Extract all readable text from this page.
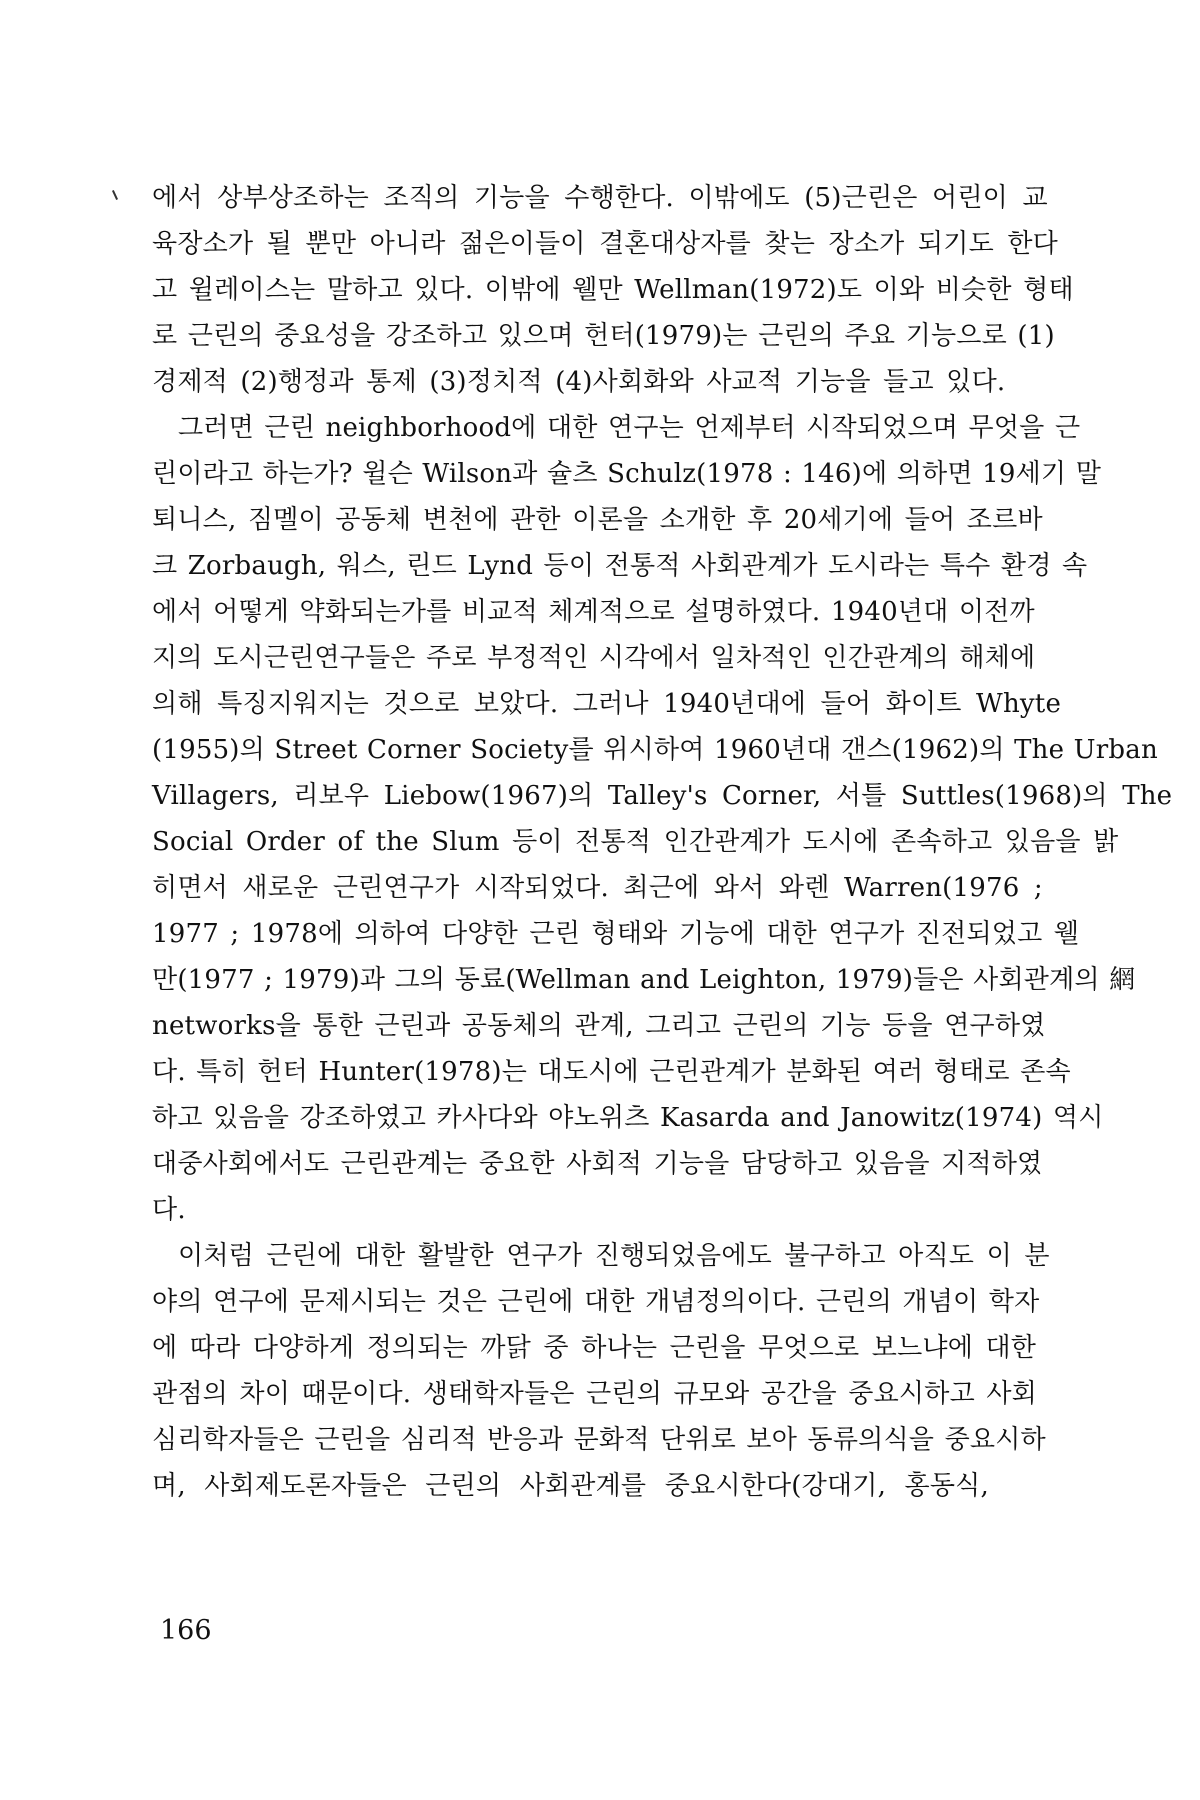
에서 상부상조하는 조직의 기능을 수행한다. 이밖에도 (5)근린은 어린이 교
육장소가 될 뿐만 아니라 젊은이들이 결혼대상자를 찾는 장소가 되기도 한다
고 윌레이스는 말하고 있다. 이밖에 웰만 Wellman(1972)도 이와 비슷한 형태
로 근린의 중요성을 강조하고 있으며 헌터(1979)는 근린의 주요 기능으로 (1)
경제적 (2)행정과 통제 (3)정치적 (4)사회화와 사교적 기능을 들고 있다.
그러면 근린 neighborhood에 대한 연구는 언제부터 시작되었으며 무엇을 근
린이라고 하는가? 윌슨 Wilson과 슐츠 Schulz(1978 : 146)에 의하면 19세기 말
퇴니스, 짐멜이 공동체 변천에 관한 이론을 소개한 후 20세기에 들어 조르바
크 Zorbaugh, 워스, 린드 Lynd 등이 전통적 사회관계가 도시라는 특수 환경 속
에서 어떻게 약화되는가를 비교적 체계적으로 설명하였다. 1940년대 이전까
지의 도시근린연구들은 주로 부정적인 시각에서 일차적인 인간관계의 해체에
의해 특징지워지는 것으로 보았다. 그러나 1940년대에 들어 화이트 Whyte
(1955)의 Street Corner Society를 위시하여 1960년대 갠스(1962)의 The Urban
Villagers, 리보우 Liebow(1967)의 Talley's Corner, 서틀 Suttles(1968)의 The
Social Order of the Slum 등이 전통적 인간관계가 도시에 존속하고 있음을 밝
히면서 새로운 근린연구가 시작되었다. 최근에 와서 와렌 Warren(1976 ;
1977 ; 1978에 의하여 다양한 근린 형태와 기능에 대한 연구가 진전되었고 웰
만(1977 ; 1979)과 그의 동료(Wellman and Leighton, 1979)들은 사회관계의 網
networks을 통한 근린과 공동체의 관계, 그리고 근린의 기능 등을 연구하였
다. 특히 헌터 Hunter(1978)는 대도시에 근린관계가 분화된 여러 형태로 존속
하고 있음을 강조하였고 카사다와 야노위츠 Kasarda and Janowitz(1974) 역시
대중사회에서도 근린관계는 중요한 사회적 기능을 담당하고 있음을 지적하였
다.
이처럼 근린에 대한 활발한 연구가 진행되었음에도 불구하고 아직도 이 분
야의 연구에 문제시되는 것은 근린에 대한 개념정의이다. 근린의 개념이 학자
에 따라 다양하게 정의되는 까닭 중 하나는 근린을 무엇으로 보느냐에 대한
관점의 차이 때문이다. 생태학자들은 근린의 규모와 공간을 중요시하고 사회
심리학자들은 근린을 심리적 반응과 문화적 단위로 보아 동류의식을 중요시하
며, 사회제도론자들은 근린의 사회관계를 중요시한다(강대기, 홍동식,
166
